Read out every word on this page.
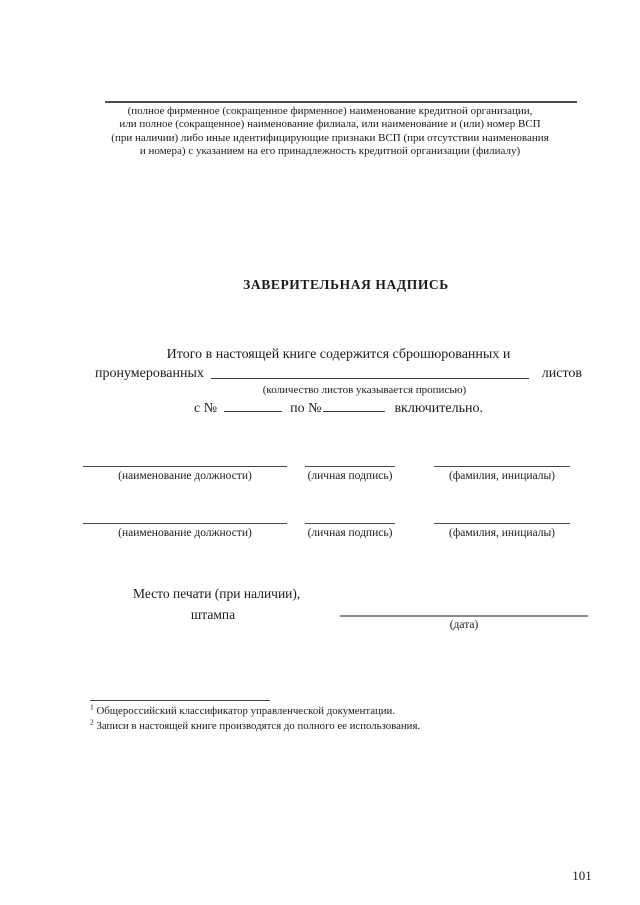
(полное фирменное (сокращенное фирменное) наименование кредитной организации,
или полное (сокращенное) наименование филиала, или наименование и (или) номер ВСП
(при наличии) либо иные идентифицирующие признаки ВСП (при отсутствии наименования
и номера) с указанием на его принадлежность кредитной организации (филиалу)
ЗАВЕРИТЕЛЬНАЯ НАДПИСЬ
Итого в настоящей книге содержится сброшюрованных и
пронумерованных	листов
(количество листов указывается прописью)
с №	по №	включительно.
(наименование должности)	(личная подпись)	(фамилия, инициалы)
(наименование должности)	(личная подпись)	(фамилия, инициалы)
Место печати (при наличии),
штампа
(дата)
$^1$ Общероссийский классификатор управленческой документации.
$^2$ Записи в настоящей книге производятся до полного ее использования.
101
